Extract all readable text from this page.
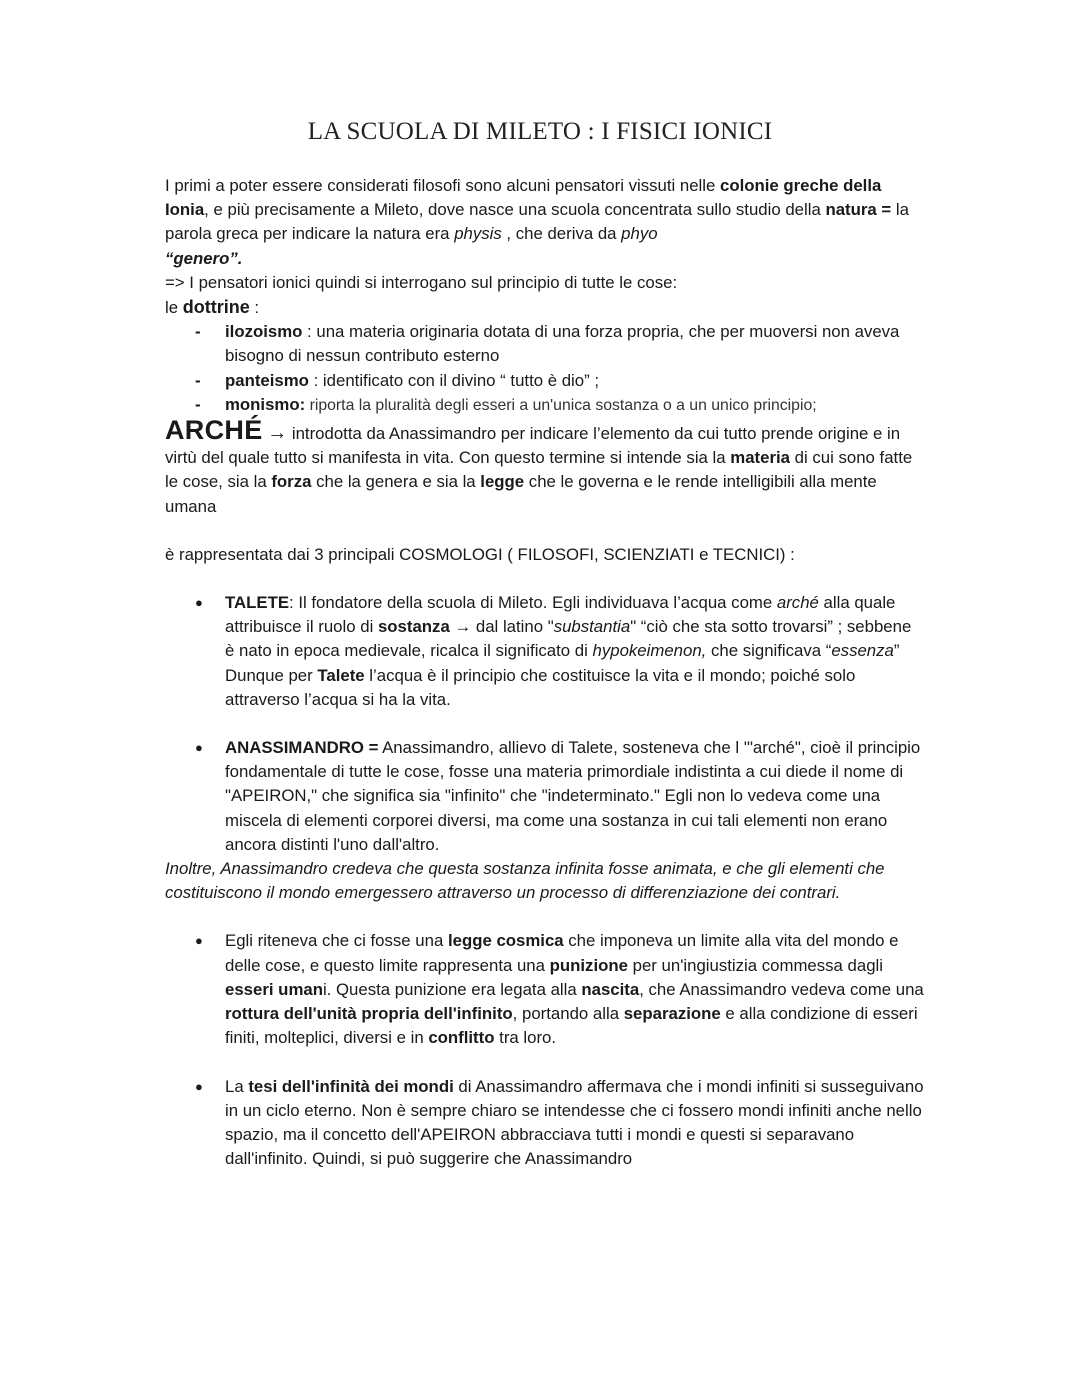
LA SCUOLA DI MILETO : I FISICI IONICI

I primi a poter essere considerati filosofi sono alcuni pensatori vissuti nelle colonie greche della Ionia, e più precisamente a Mileto, dove nasce una scuola concentrata sullo studio della natura = la parola greca per indicare la natura era physis , che deriva da phyo
“genero”.

=> I pensatori ionici quindi si interrogano sul principio di tutte le cose:

le dottrine :

- ilozoismo : una materia originaria dotata di una forza propria, che per muoversi non aveva bisogno di nessun contributo esterno
- panteismo : identificato con il divino “ tutto è dio” ;
- monismo: riporta la pluralità degli esseri a un'unica sostanza o a un unico principio;

ARCHÉ → introdotta da Anassimandro per indicare l’elemento da cui tutto prende origine e in virtù del quale tutto si manifesta in vita. Con questo termine si intende sia la materia di cui sono fatte le cose, sia la forza che la genera e sia la legge che le governa e le rende intelligibili alla mente umana

è rappresentata dai 3 principali COSMOLOGI ( FILOSOFI, SCIENZIATI e TECNICI) :

● TALETE: Il fondatore della scuola di Mileto. Egli individuava l’acqua come arché alla quale attribuisce il ruolo di sostanza → dal latino "substantia" “ciò che sta sotto trovarsi” ; sebbene è nato in epoca medievale, ricalca il significato di hypokeimenon, che significava “essenza”
Dunque per Talete l’acqua è il principio che costituisce la vita e il mondo; poiché solo attraverso l’acqua si ha la vita.
● ANASSIMANDRO = Anassimandro, allievo di Talete, sosteneva che l '"arché", cioè il principio fondamentale di tutte le cose, fosse una materia primordiale indistinta a cui diede il nome di "APEIRON," che significa sia "infinito" che "indeterminato." Egli non lo vedeva come una miscela di elementi corporei diversi, ma come una sostanza in cui tali elementi non erano ancora distinti l'uno dall'altro.

Inoltre, Anassimandro credeva che questa sostanza infinita fosse animata, e che gli elementi che costituiscono il mondo emergessero attraverso un processo di differenziazione dei contrari.

● Egli riteneva che ci fosse una legge cosmica che imponeva un limite alla vita del mondo e delle cose, e questo limite rappresenta una punizione per un'ingiustizia commessa dagli esseri umani. Questa punizione era legata alla nascita, che Anassimandro vedeva come una rottura dell'unità propria dell'infinito, portando alla separazione e alla condizione di esseri finiti, molteplici, diversi e in conflitto tra loro.
● La tesi dell'infinità dei mondi di Anassimandro affermava che i mondi infiniti si susseguivano in un ciclo eterno. Non è sempre chiaro se intendesse che ci fossero mondi infiniti anche nello spazio, ma il concetto dell'APEIRON abbracciava tutti i mondi e questi si separavano dall'infinito. Quindi, si può suggerire che Anassimandro
